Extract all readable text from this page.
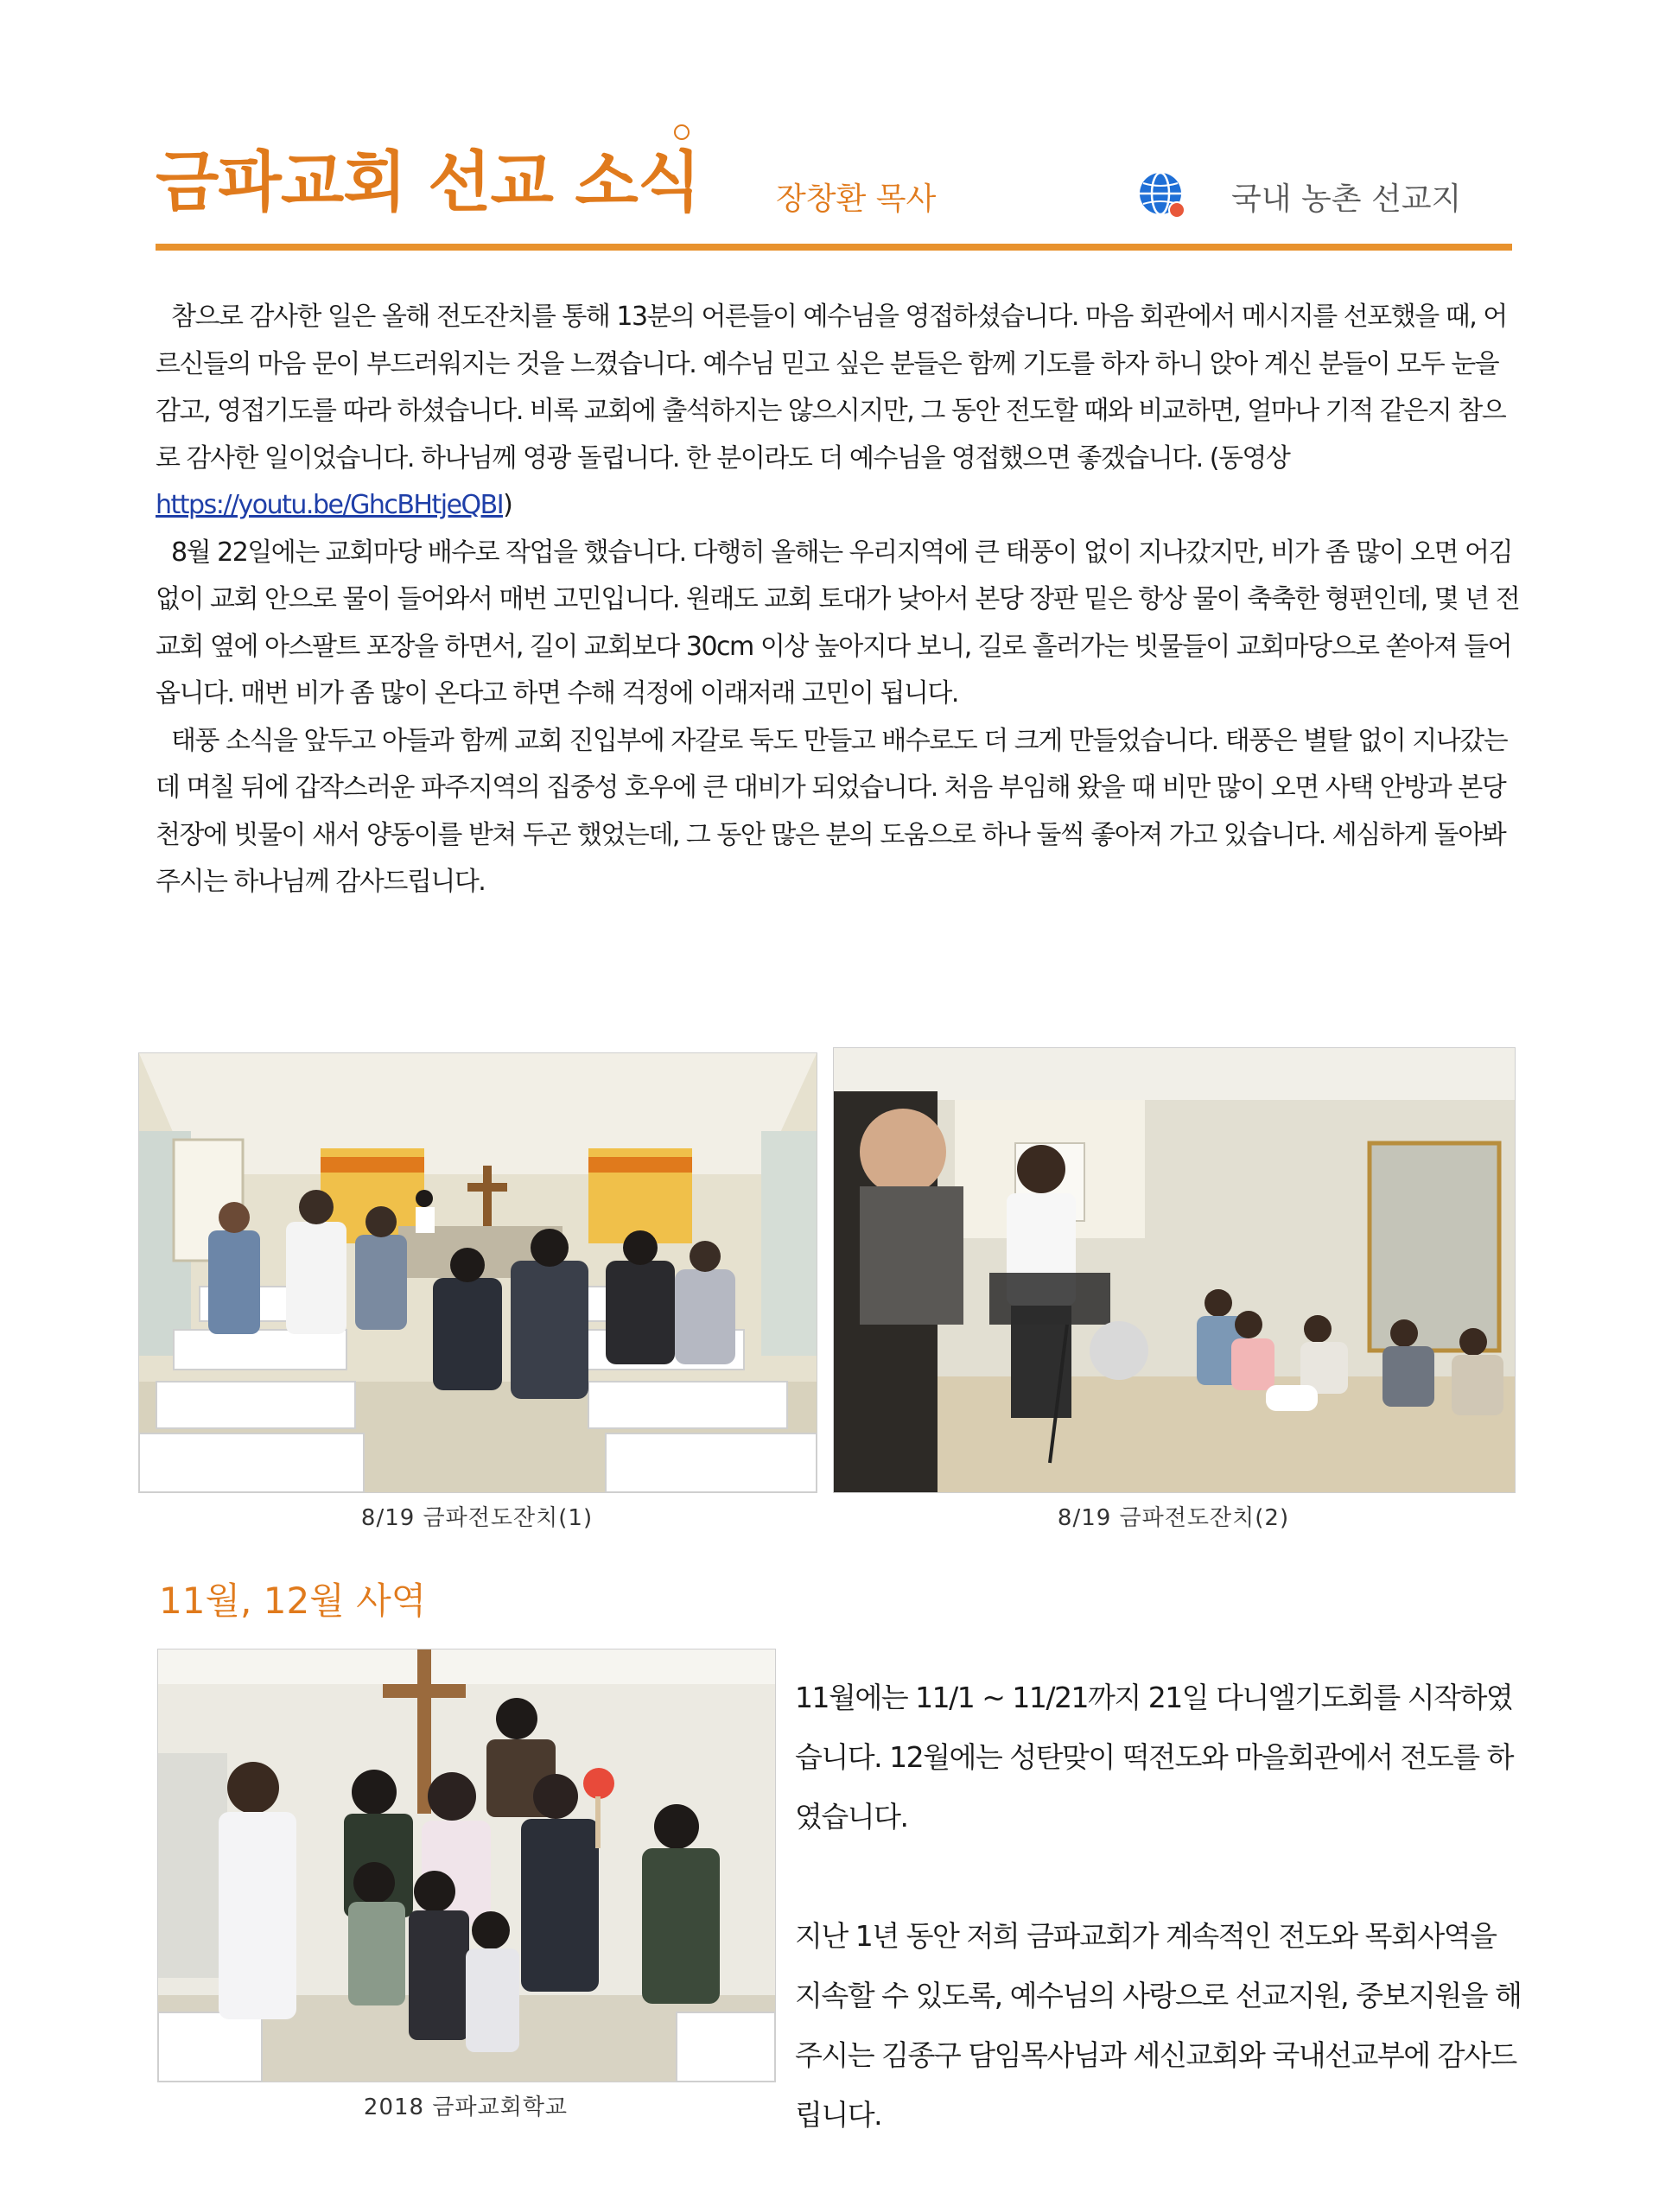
금파교회 선교 소식 장창환 목사	국내 농촌 선교지

참으로 감사한 일은 올해 전도잔치를 통해 13분의 어른들이 예수님을 영접하셨습니다. 마음 회관에서 메시지를 선포했을 때, 어르신들의 마음 문이 부드러워지는 것을 느꼈습니다. 예수님 믿고 싶은 분들은 함께 기도를 하자 하니 앉아 계신 분들이 모두 눈을 감고, 영접기도를 따라 하셨습니다. 비록 교회에 출석하지는 않으시지만, 그 동안 전도할 때와 비교하면, 얼마나 기적 같은지 참으로 감사한 일이었습니다. 하나님께 영광 돌립니다. 한 분이라도 더 예수님을 영접했으면 좋겠습니다. (동영상
https://youtu.be/GhcBHtjeQBI)

8월 22일에는 교회마당 배수로 작업을 했습니다. 다행히 올해는 우리지역에 큰 태풍이 없이 지나갔지만, 비가 좀 많이 오면 어김없이 교회 안으로 물이 들어와서 매번 고민입니다. 원래도 교회 토대가 낮아서 본당 장판 밑은 항상 물이 축축한 형편인데, 몇 년 전 교회 옆에 아스팔트 포장을 하면서, 길이 교회보다 30cm 이상 높아지다 보니, 길로 흘러가는 빗물들이 교회마당으로 쏟아져 들어옵니다. 매번 비가 좀 많이 온다고 하면 수해 걱정에 이래저래 고민이 됩니다.

태풍 소식을 앞두고 아들과 함께 교회 진입부에 자갈로 둑도 만들고 배수로도 더 크게 만들었습니다. 태풍은 별탈 없이 지나갔는데 며칠 뒤에 갑작스러운 파주지역의 집중성 호우에 큰 대비가 되었습니다. 처음 부임해 왔을 때 비만 많이 오면 사택 안방과 본당 천장에 빗물이 새서 양동이를 받쳐 두곤 했었는데, 그 동안 많은 분의 도움으로 하나 둘씩 좋아져 가고 있습니다. 세심하게 돌아봐 주시는 하나님께 감사드립니다.

8/19 금파전도잔치(1)	8/19 금파전도잔치(2)
11월, 12월 사역
2018 금파교회학교

11월에는 11/1 ~ 11/21까지 21일 다니엘기도회를 시작하였습니다. 12월에는 성탄맞이 떡전도와 마을회관에서 전도를 하였습니다.

지난 1년 동안 저희 금파교회가 계속적인 전도와 목회사역을 지속할 수 있도록, 예수님의 사랑으로 선교지원, 중보지원을 해주시는 김종구 담임목사님과 세신교회와 국내선교부에 감사드립니다.
